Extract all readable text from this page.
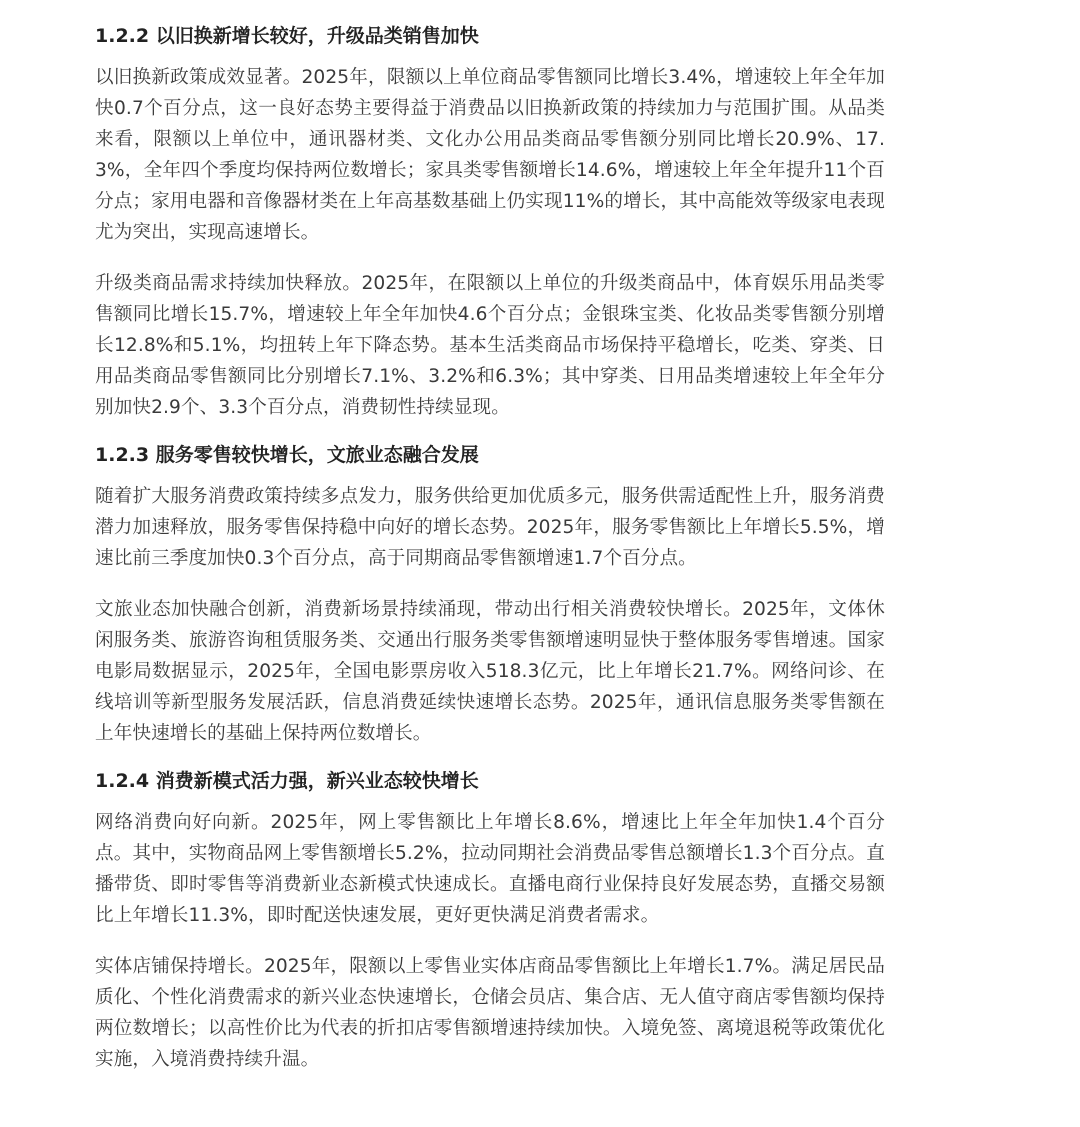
1.2.2 以旧换新增长较好，升级品类销售加快

以旧换新政策成效显著。2025年，限额以上单位商品零售额同比增长3.4%，增速较上年全年加快0.7个百分点，这一良好态势主要得益于消费品以旧换新政策的持续加力与范围扩围。从品类来看，限额以上单位中，通讯器材类、文化办公用品类商品零售额分别同比增长20.9%、17.3%，全年四个季度均保持两位数增长；家具类零售额增长14.6%，增速较上年全年提升11个百分点；家用电器和音像器材类在上年高基数基础上仍实现11%的增长，其中高能效等级家电表现尤为突出，实现高速增长。

升级类商品需求持续加快释放。2025年，在限额以上单位的升级类商品中，体育娱乐用品类零售额同比增长15.7%，增速较上年全年加快4.6个百分点；金银珠宝类、化妆品类零售额分别增长12.8%和5.1%，均扭转上年下降态势。基本生活类商品市场保持平稳增长，吃类、穿类、日用品类商品零售额同比分别增长7.1%、3.2%和6.3%；其中穿类、日用品类增速较上年全年分别加快2.9个、3.3个百分点，消费韧性持续显现。

1.2.3 服务零售较快增长，文旅业态融合发展

随着扩大服务消费政策持续多点发力，服务供给更加优质多元，服务供需适配性上升，服务消费潜力加速释放，服务零售保持稳中向好的增长态势。2025年，服务零售额比上年增长5.5%，增速比前三季度加快0.3个百分点，高于同期商品零售额增速1.7个百分点。

文旅业态加快融合创新，消费新场景持续涌现，带动出行相关消费较快增长。2025年，文体休闲服务类、旅游咨询租赁服务类、交通出行服务类零售额增速明显快于整体服务零售增速。国家电影局数据显示，2025年，全国电影票房收入518.3亿元，比上年增长21.7%。网络问诊、在线培训等新型服务发展活跃，信息消费延续快速增长态势。2025年，通讯信息服务类零售额在上年快速增长的基础上保持两位数增长。

1.2.4 消费新模式活力强，新兴业态较快增长

网络消费向好向新。2025年，网上零售额比上年增长8.6%，增速比上年全年加快1.4个百分点。其中，实物商品网上零售额增长5.2%，拉动同期社会消费品零售总额增长1.3个百分点。直播带货、即时零售等消费新业态新模式快速成长。直播电商行业保持良好发展态势，直播交易额比上年增长11.3%，即时配送快速发展，更好更快满足消费者需求。

实体店铺保持增长。2025年，限额以上零售业实体店商品零售额比上年增长1.7%。满足居民品质化、个性化消费需求的新兴业态快速增长，仓储会员店、集合店、无人值守商店零售额均保持两位数增长；以高性价比为代表的折扣店零售额增速持续加快。入境免签、离境退税等政策优化实施，入境消费持续升温。
